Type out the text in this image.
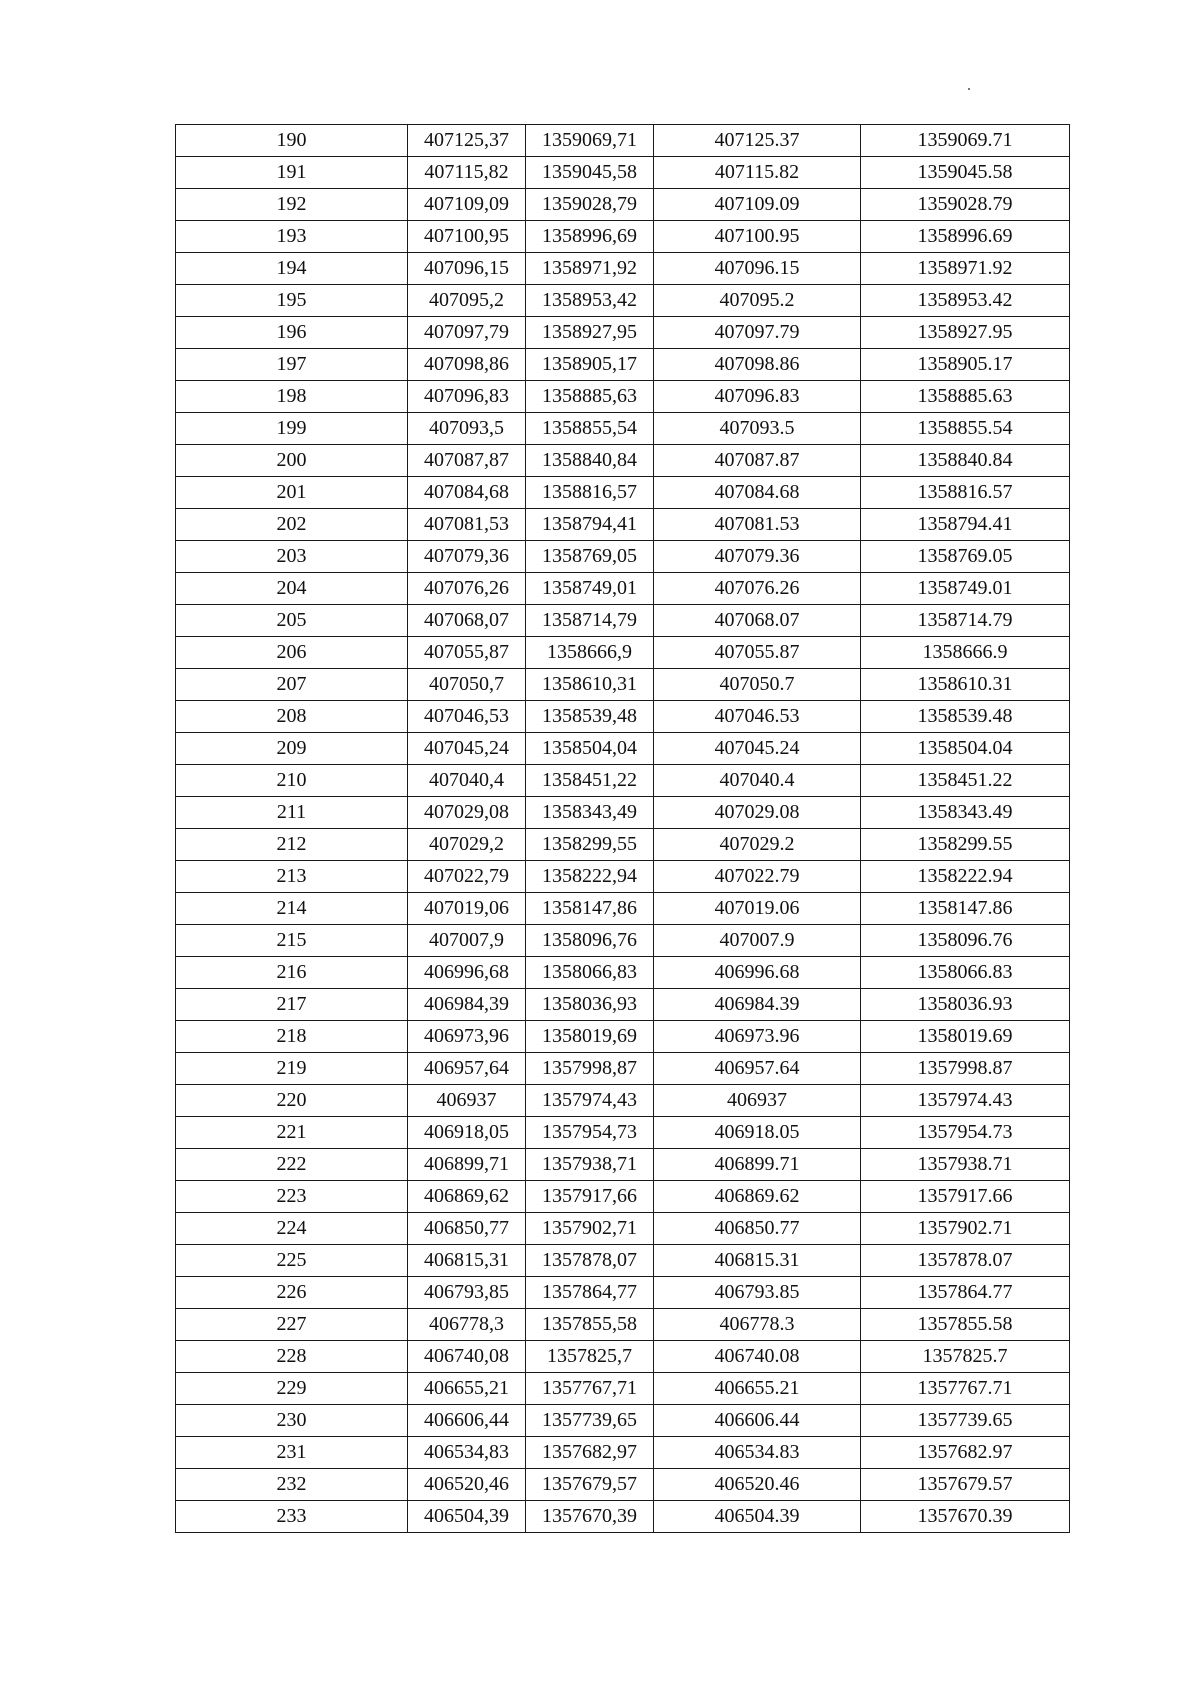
190	407125,37	1359069,71	407125.37	1359069.71
191	407115,82	1359045,58	407115.82	1359045.58
192	407109,09	1359028,79	407109.09	1359028.79
193	407100,95	1358996,69	407100.95	1358996.69
194	407096,15	1358971,92	407096.15	1358971.92
195	407095,2	1358953,42	407095.2	1358953.42
196	407097,79	1358927,95	407097.79	1358927.95
197	407098,86	1358905,17	407098.86	1358905.17
198	407096,83	1358885,63	407096.83	1358885.63
199	407093,5	1358855,54	407093.5	1358855.54
200	407087,87	1358840,84	407087.87	1358840.84
201	407084,68	1358816,57	407084.68	1358816.57
202	407081,53	1358794,41	407081.53	1358794.41
203	407079,36	1358769,05	407079.36	1358769.05
204	407076,26	1358749,01	407076.26	1358749.01
205	407068,07	1358714,79	407068.07	1358714.79
206	407055,87	1358666,9	407055.87	1358666.9
207	407050,7	1358610,31	407050.7	1358610.31
208	407046,53	1358539,48	407046.53	1358539.48
209	407045,24	1358504,04	407045.24	1358504.04
210	407040,4	1358451,22	407040.4	1358451.22
211	407029,08	1358343,49	407029.08	1358343.49
212	407029,2	1358299,55	407029.2	1358299.55
213	407022,79	1358222,94	407022.79	1358222.94
214	407019,06	1358147,86	407019.06	1358147.86
215	407007,9	1358096,76	407007.9	1358096.76
216	406996,68	1358066,83	406996.68	1358066.83
217	406984,39	1358036,93	406984.39	1358036.93
218	406973,96	1358019,69	406973.96	1358019.69
219	406957,64	1357998,87	406957.64	1357998.87
220	406937	1357974,43	406937	1357974.43
221	406918,05	1357954,73	406918.05	1357954.73
222	406899,71	1357938,71	406899.71	1357938.71
223	406869,62	1357917,66	406869.62	1357917.66
224	406850,77	1357902,71	406850.77	1357902.71
225	406815,31	1357878,07	406815.31	1357878.07
226	406793,85	1357864,77	406793.85	1357864.77
227	406778,3	1357855,58	406778.3	1357855.58
228	406740,08	1357825,7	406740.08	1357825.7
229	406655,21	1357767,71	406655.21	1357767.71
230	406606,44	1357739,65	406606.44	1357739.65
231	406534,83	1357682,97	406534.83	1357682.97
232	406520,46	1357679,57	406520.46	1357679.57
233	406504,39	1357670,39	406504.39	1357670.39
